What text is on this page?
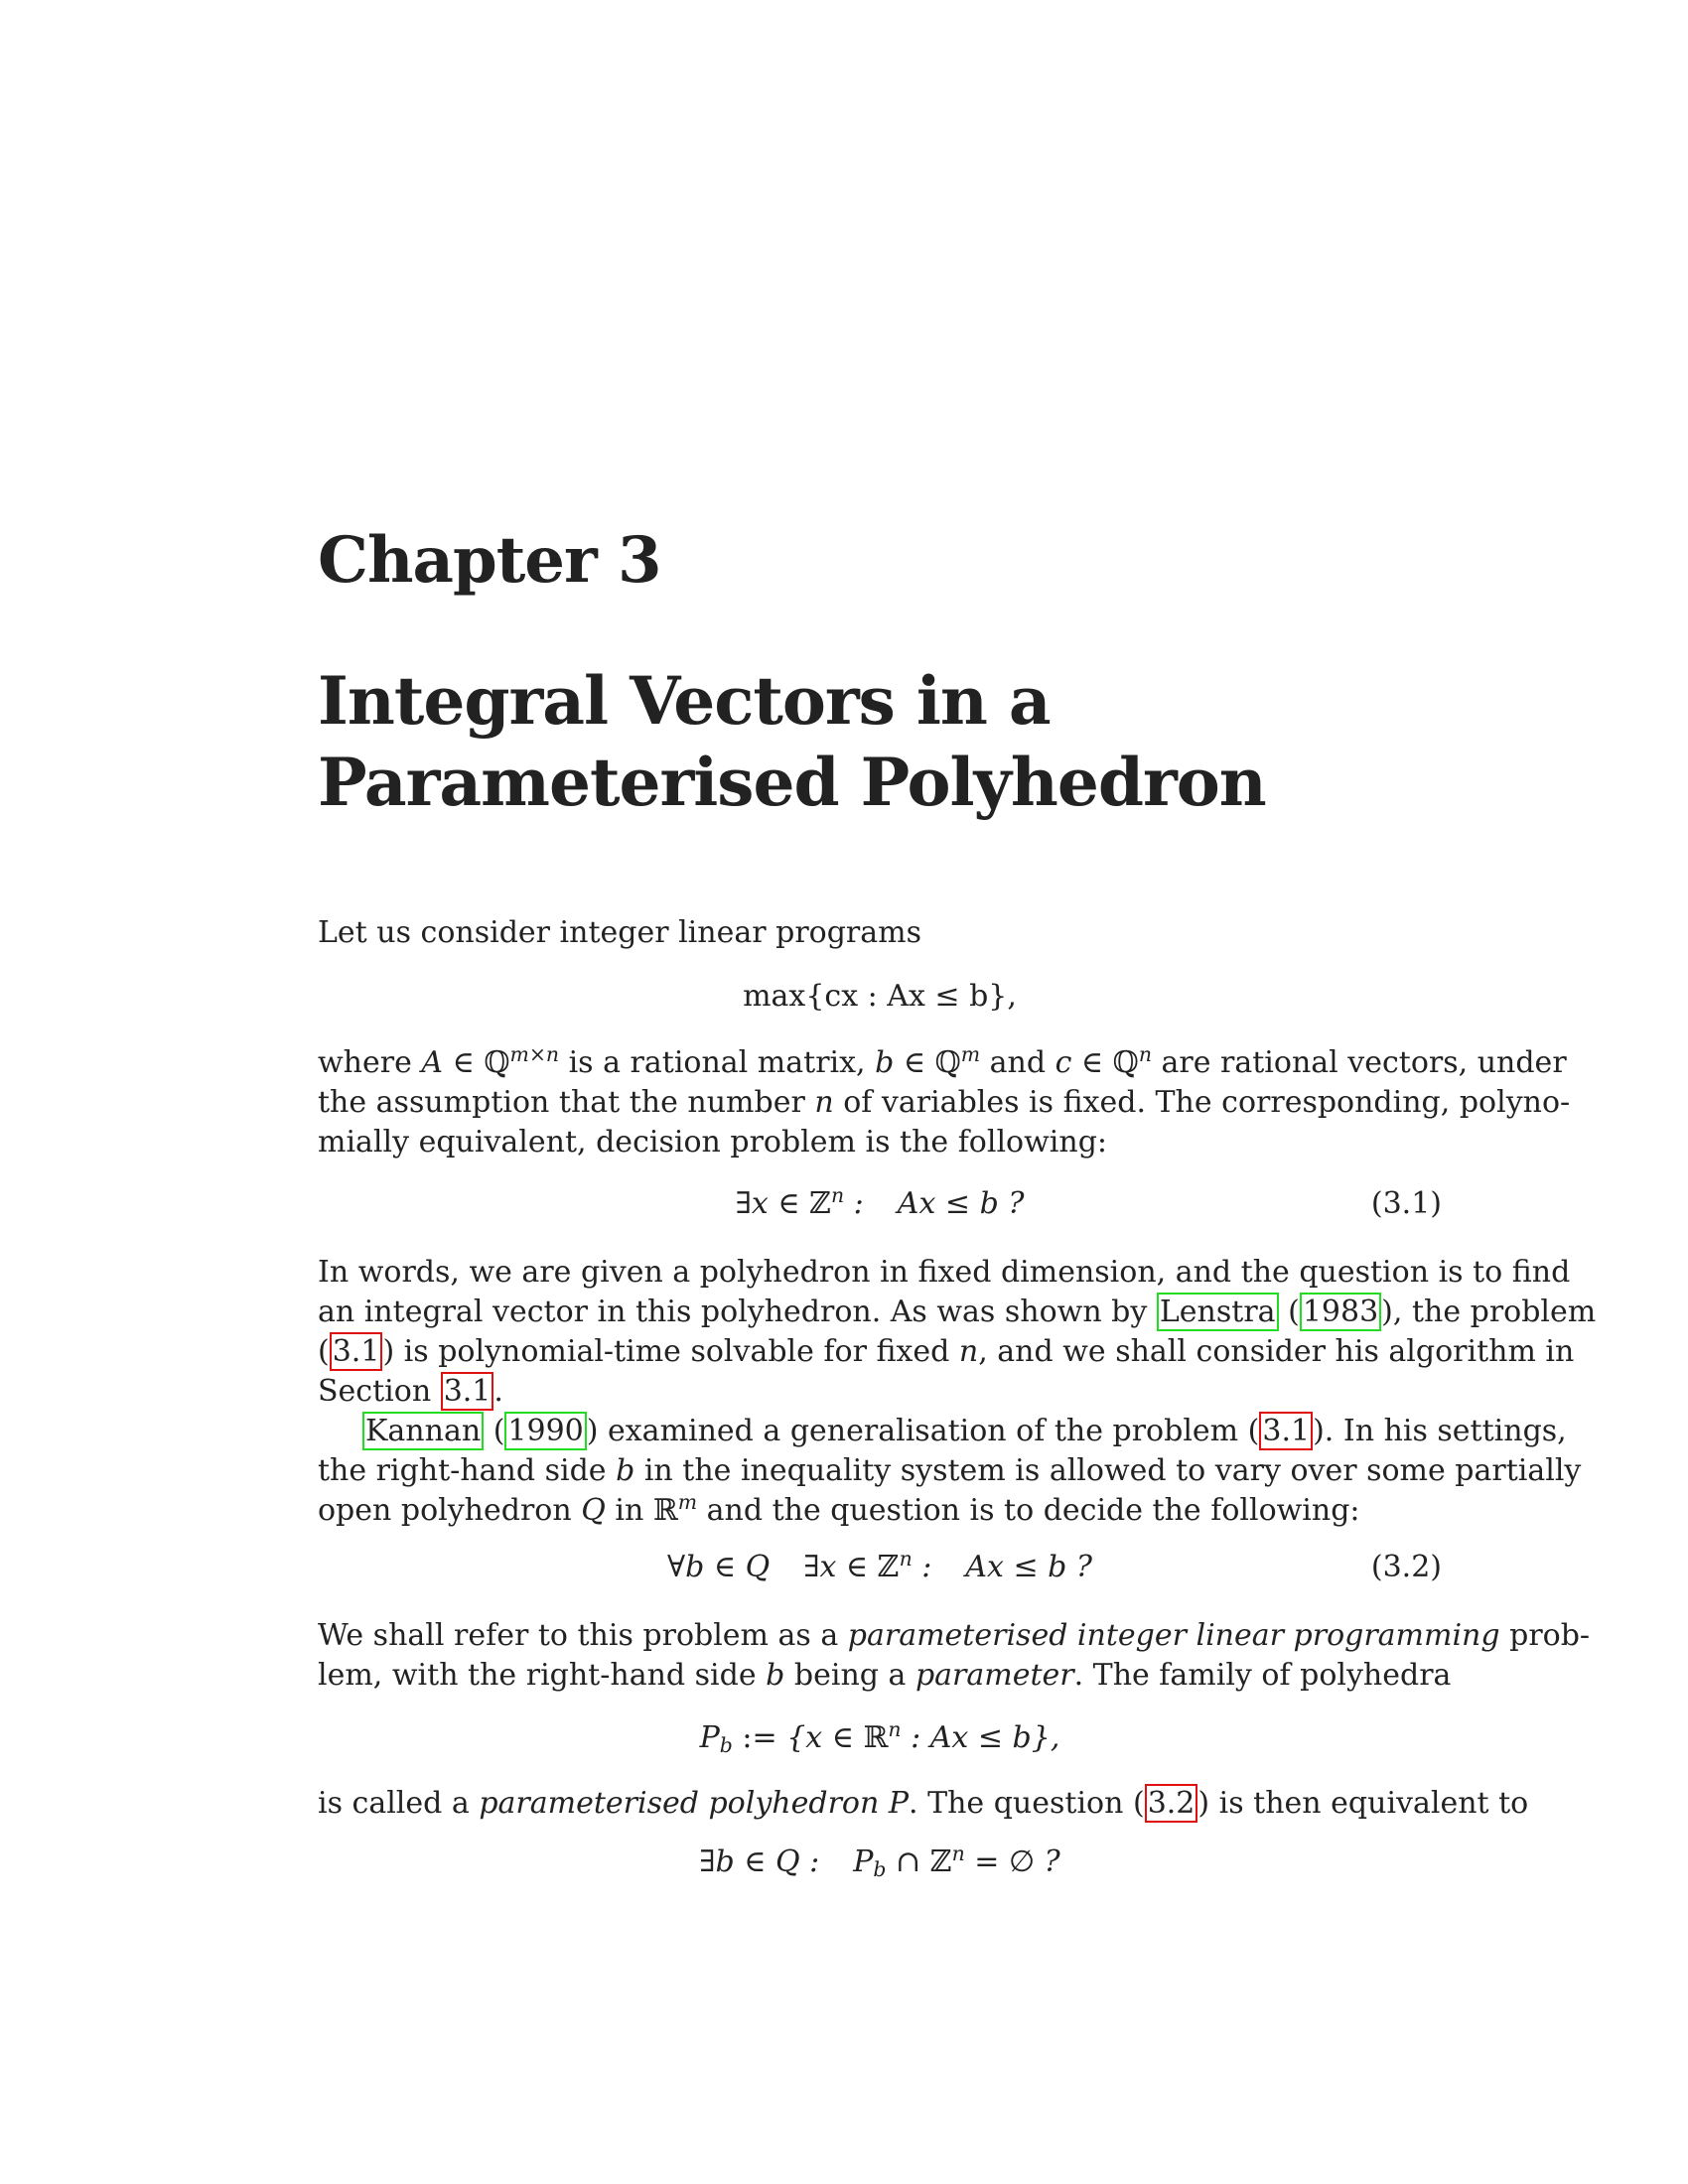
Chapter 3
Integral Vectors in a Parameterised Polyhedron
Let us consider integer linear programs
max{cx : Ax ≤ b},
where A ∈ ℚ$^{m\times n}$ is a rational matrix, b ∈ ℚ$^m$ and c ∈ ℚ$^n$ are rational vectors, under
the assumption that the number n of variables is fixed. The corresponding, polyno-
mially equivalent, decision problem is the following:
∃x ∈ ℤ$^n$ : Ax ≤ b ?	(3.1)
In words, we are given a polyhedron in fixed dimension, and the question is to find
an integral vector in this polyhedron. As was shown by Lenstra ( 1983 ), the problem
( 3.1 ) is polynomial-time solvable for fixed n, and we shall consider his algorithm in
Section 3.1 .
Kannan ( 1990 ) examined a generalisation of the problem ( 3.1 ). In his settings,
the right-hand side b in the inequality system is allowed to vary over some partially
open polyhedron Q in ℝ$^m$ and the question is to decide the following:
∀b ∈ Q ∃x ∈ ℤ$^n$ : Ax ≤ b ?	(3.2)
We shall refer to this problem as a parameterised integer linear programming prob-
lem, with the right-hand side b being a parameter. The family of polyhedra
$P_b$ := {x ∈ ℝ$^n$ : Ax ≤ b},
is called a parameterised polyhedron P. The question ( 3.2 ) is then equivalent to
∃b ∈ Q : $P_b$ ∩ ℤ$^n$ = ∅ ?
